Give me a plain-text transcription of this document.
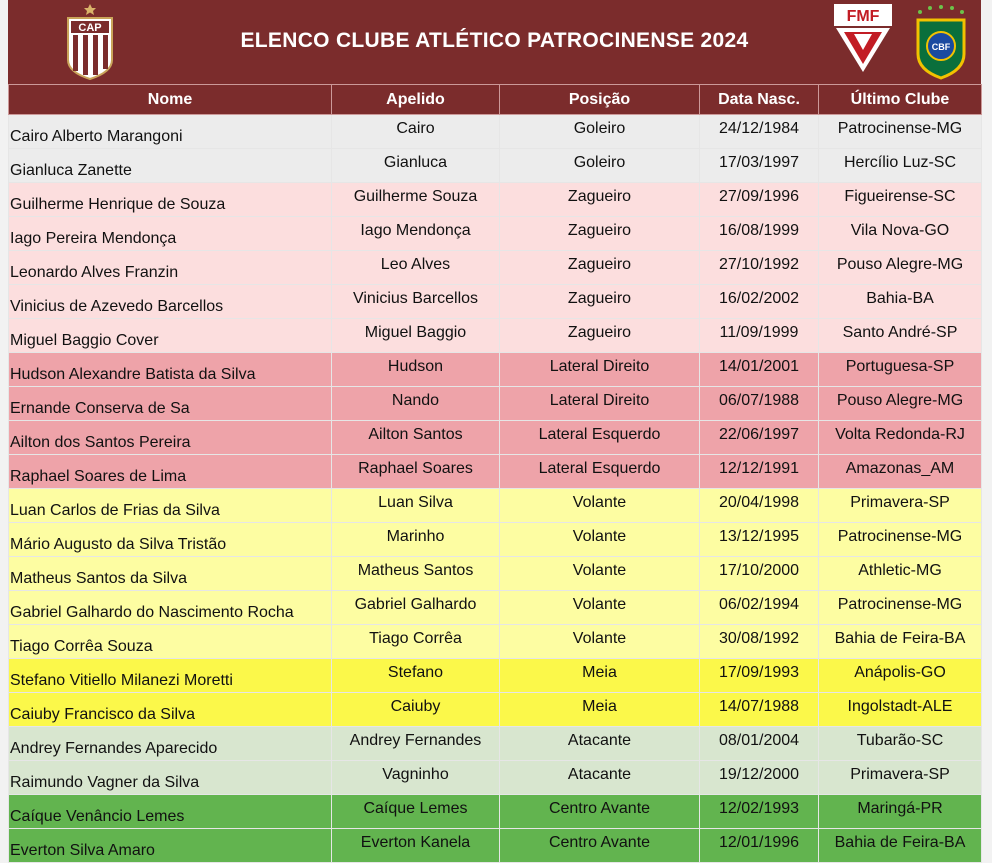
CAP
ELENCO CLUBE ATLÉTICO PATROCINENSE 2024
FMF
CBF
Nome	Apelido	Posição	Data Nasc.	Último Clube
Cairo Alberto Marangoni	Cairo	Goleiro	24/12/1984	Patrocinense-MG
Gianluca Zanette	Gianluca	Goleiro	17/03/1997	Hercílio Luz-SC
Guilherme Henrique de Souza	Guilherme Souza	Zagueiro	27/09/1996	Figueirense-SC
Iago Pereira Mendonça	Iago Mendonça	Zagueiro	16/08/1999	Vila Nova-GO
Leonardo Alves Franzin	Leo Alves	Zagueiro	27/10/1992	Pouso Alegre-MG
Vinicius de Azevedo Barcellos	Vinicius Barcellos	Zagueiro	16/02/2002	Bahia-BA
Miguel Baggio Cover	Miguel Baggio	Zagueiro	11/09/1999	Santo André-SP
Hudson Alexandre Batista da Silva	Hudson	Lateral Direito	14/01/2001	Portuguesa-SP
Ernande Conserva de Sa	Nando	Lateral Direito	06/07/1988	Pouso Alegre-MG
Ailton dos Santos Pereira	Ailton Santos	Lateral Esquerdo	22/06/1997	Volta Redonda-RJ
Raphael Soares de Lima	Raphael Soares	Lateral Esquerdo	12/12/1991	Amazonas_AM
Luan Carlos de Frias da Silva	Luan Silva	Volante	20/04/1998	Primavera-SP
Mário Augusto da Silva Tristão	Marinho	Volante	13/12/1995	Patrocinense-MG
Matheus Santos da Silva	Matheus Santos	Volante	17/10/2000	Athletic-MG
Gabriel Galhardo do Nascimento Rocha	Gabriel Galhardo	Volante	06/02/1994	Patrocinense-MG
Tiago Corrêa Souza	Tiago Corrêa	Volante	30/08/1992	Bahia de Feira-BA
Stefano Vitiello Milanezi Moretti	Stefano	Meia	17/09/1993	Anápolis-GO
Caiuby Francisco da Silva	Caiuby	Meia	14/07/1988	Ingolstadt-ALE
Andrey Fernandes Aparecido	Andrey Fernandes	Atacante	08/01/2004	Tubarão-SC
Raimundo Vagner da Silva	Vagninho	Atacante	19/12/2000	Primavera-SP
Caíque Venâncio Lemes	Caíque Lemes	Centro Avante	12/02/1993	Maringá-PR
Everton Silva Amaro	Everton Kanela	Centro Avante	12/01/1996	Bahia de Feira-BA
